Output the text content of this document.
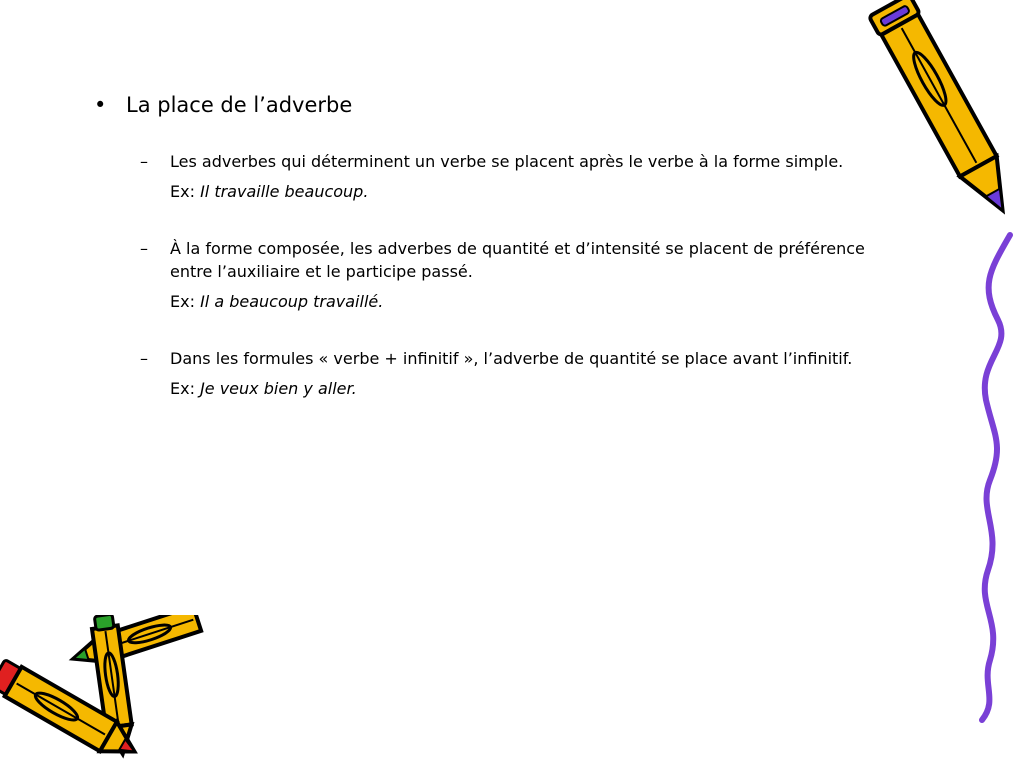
• La place de l’adverbe
– Les adverbes qui déterminent un verbe se placent après le verbe à la forme simple.
Ex: Il travaille beaucoup.
– À la forme composée, les adverbes de quantité et d’intensité se placent de préférence entre l’auxiliaire et le participe passé.
Ex: Il a beaucoup travaillé.
– Dans les formules « verbe + infinitif », l’adverbe de quantité se place avant l’infinitif.
Ex: Je veux bien y aller.
